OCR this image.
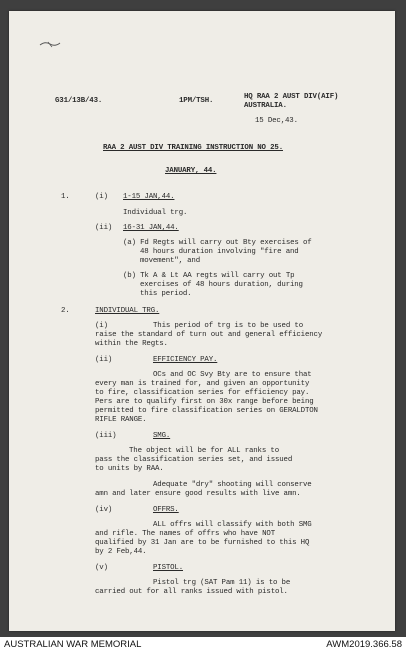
G31/13B/43.	1PM/TSH.	HQ RAA 2 AUST DIV(AIF)
AUSTRALIA.
15 Dec,43.
RAA 2 AUST DIV TRAINING INSTRUCTION NO 25.
JANUARY, 44.
1.	(i) 1-15 JAN,44.
Individual trg.
(ii) 16-31 JAN,44.
(a) Fd Regts will carry out Bty exercises of
48 hours duration involving "fire and
movement", and
(b) Tk A & Lt AA regts will carry out Tp
exercises of 48 hours duration, during
this period.
2.	INDIVIDUAL TRG.
(i)	This period of trg is to be used to
raise the standard of turn out and general efficiency
within the Regts.
(ii)	EFFICIENCY PAY.
OCs and OC Svy Bty are to ensure that
every man is trained for, and given an opportunity
to fire, classification series for efficiency pay.
Pers are to qualify first on 30x range before being
permitted to fire classification series on GERALDTON
RIFLE RANGE.
(iii)	SMG.
The object will be for ALL ranks to
pass the classification series set, and issued
to units by RAA.
Adequate "dry" shooting will conserve
amn and later ensure good results with live amn.
(iv)	OFFRS.
ALL offrs will classify with both SMG
and rifle. The names of offrs who have NOT
qualified by 31 Jan are to be furnished to this HQ
by 2 Feb,44.
(v)	PISTOL.
Pistol trg (SAT Pam 11) is to be
carried out for all ranks issued with pistol.
AUSTRALIAN WAR MEMORIAL	AWM2019.366.58
